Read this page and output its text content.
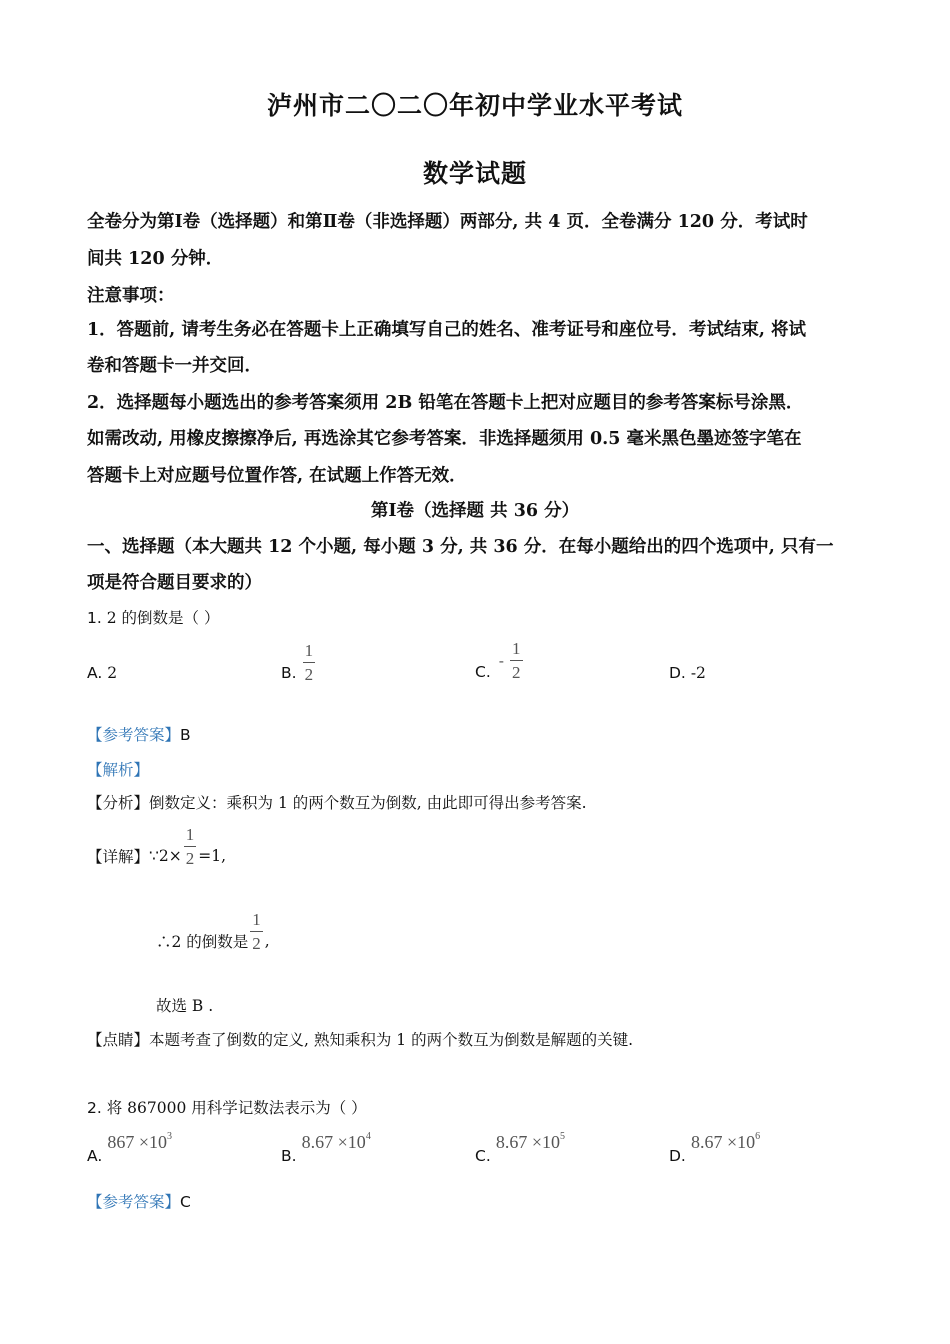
泸州市二〇二〇年初中学业水平考试
数学试题
全卷分为第Ⅰ卷（选择题）和第Ⅱ卷（非选择题）两部分, 共 4 页．全卷满分 120 分．考试时
间共 120 分钟．
注意事项：
1．答题前, 请考生务必在答题卡上正确填写自己的姓名、准考证号和座位号．考试结束, 将试
卷和答题卡一并交回．
2．选择题每小题选出的参考答案须用 2B 铅笔在答题卡上把对应题目的参考答案标号涂黑．
如需改动, 用橡皮擦擦净后, 再选涂其它参考答案．非选择题须用 0.5 毫米黑色墨迹签字笔在
答题卡上对应题号位置作答, 在试题上作答无效．
第Ⅰ卷（选择题 共 36 分）
一、选择题（本大题共 12 个小题, 每小题 3 分, 共 36 分．在每小题给出的四个选项中, 只有一
项是符合题目要求的）
1. 2 的倒数是（ ）
A. 2	B. $\frac{1}{2}$	C.
- $\frac{1}{2}$	D. -2
【参考答案】B
【解析】
【分析】倒数定义：乘积为 1 的两个数互为倒数, 由此即可得出参考答案.
【详解】 ∵2× $\frac{1}{2} =1$,
∴2 的倒数是 $\frac{1}{2}$ ,
故选 B .
【点睛】本题考查了倒数的定义, 熟知乘积为 1 的两个数互为倒数是解题的关键.
2. 将 867000 用科学记数法表示为（ ）
A. $867 \times 10^3$
B. $8.67 \times 10^4$
C. $8.67 \times 10^5$
D. $8.67 \times 10^6$
【参考答案】C
